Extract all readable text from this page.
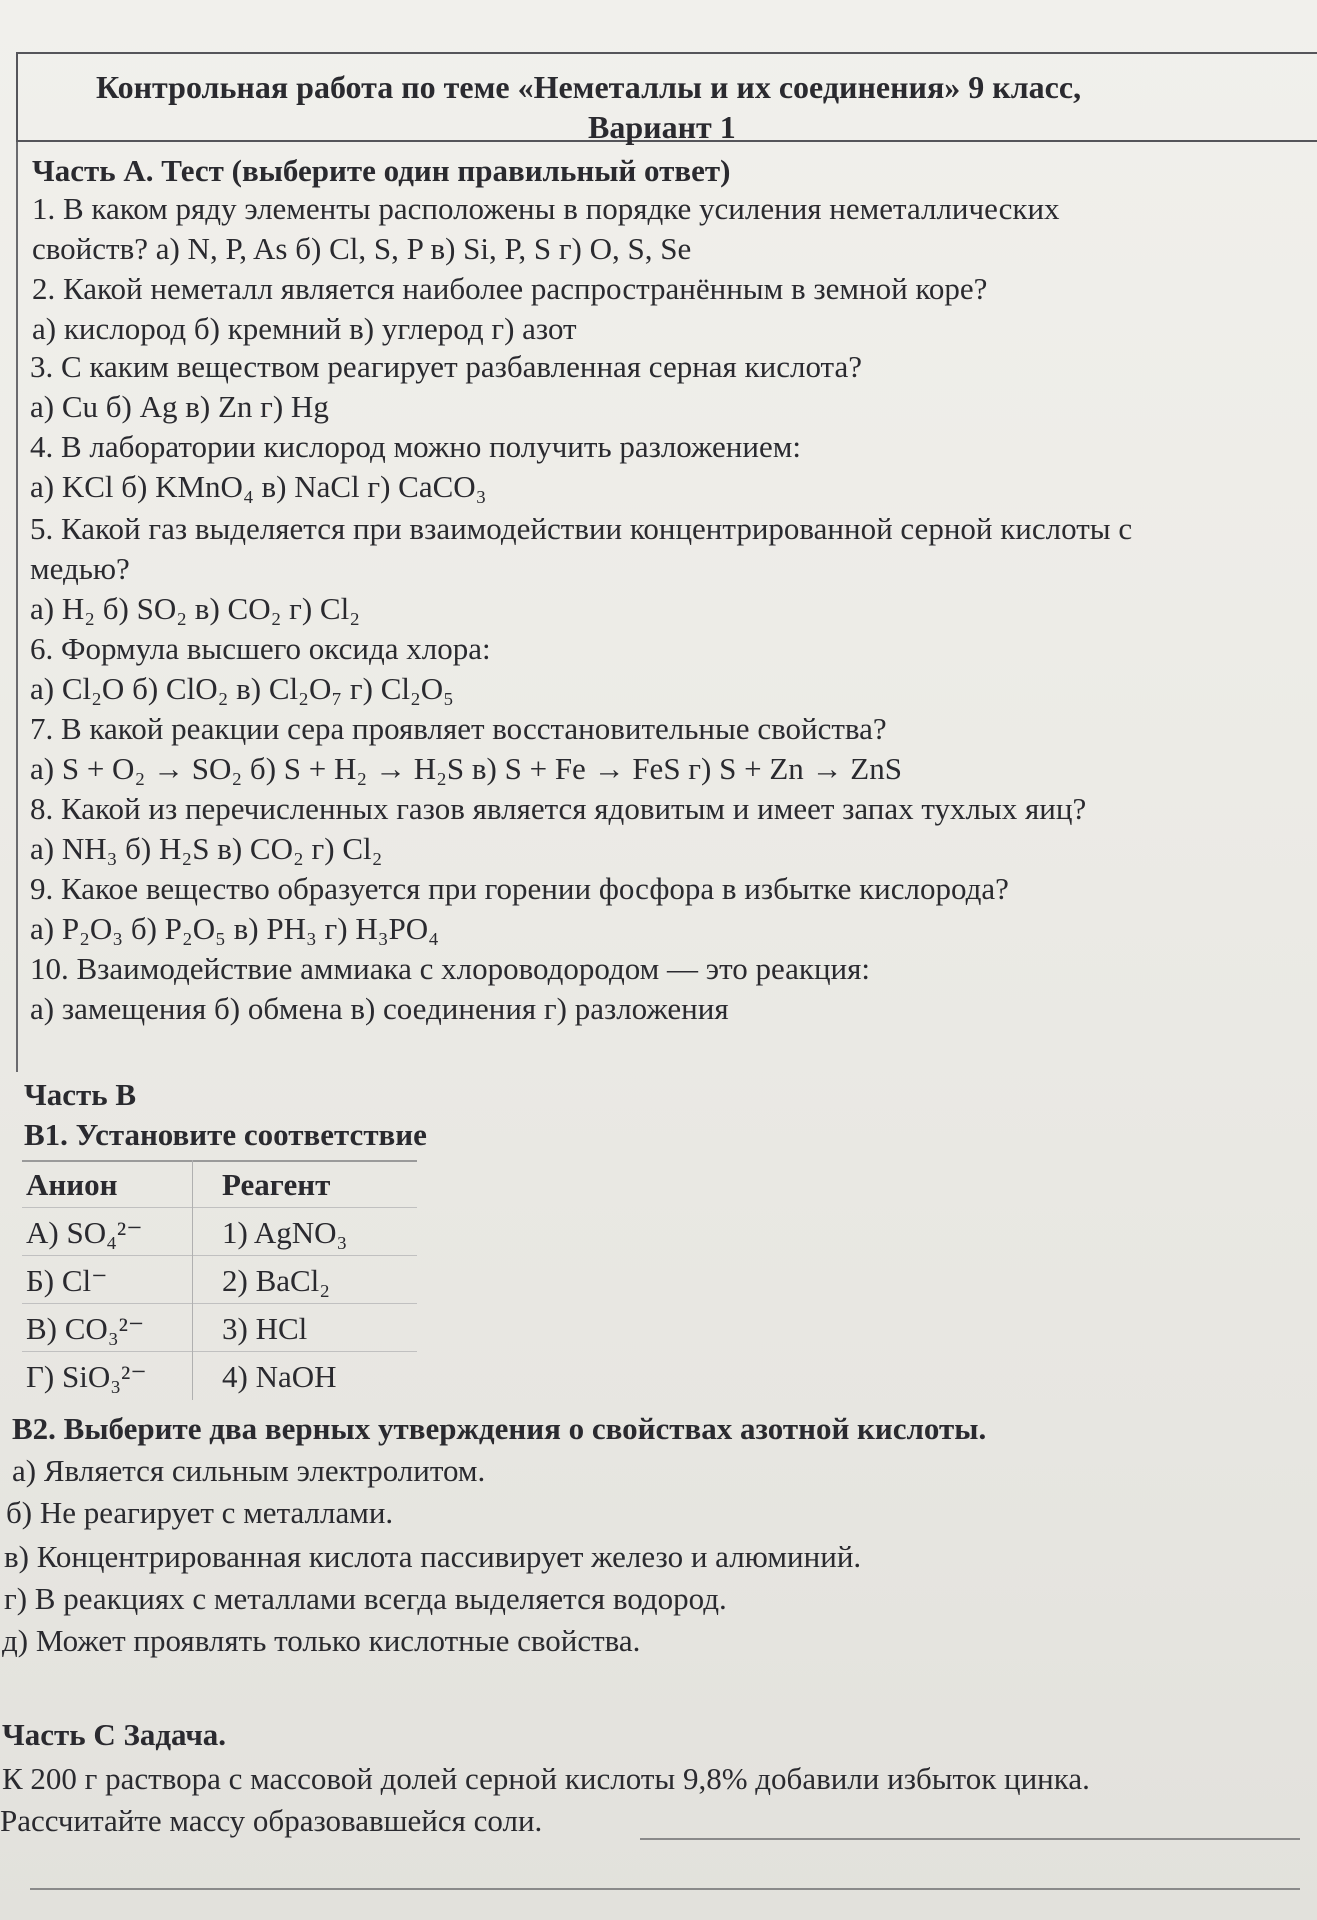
Контрольная работа по теме «Неметаллы и их соединения» 9 класс,
Вариант 1
Часть А. Тест (выберите один правильный ответ)
1. В каком ряду элементы расположены в порядке усиления неметаллических
свойств? а) N, P, As б) Cl, S, P в) Si, P, S г) O, S, Se
2. Какой неметалл является наиболее распространённым в земной коре?
а) кислород б) кремний в) углерод г) азот
3. С каким веществом реагирует разбавленная серная кислота?
а) Cu б) Ag в) Zn г) Hg
4. В лаборатории кислород можно получить разложением:
а) KCl б) KMnO₄ в) NaCl г) CaCO₃
5. Какой газ выделяется при взаимодействии концентрированной серной кислоты с
медью?
а) H₂ б) SO₂ в) CO₂ г) Cl₂
6. Формула высшего оксида хлора:
а) Cl₂O б) ClO₂ в) Cl₂O₇ г) Cl₂O₅
7. В какой реакции сера проявляет восстановительные свойства?
а) S + O₂ → SO₂ б) S + H₂ → H₂S в) S + Fe → FeS г) S + Zn → ZnS
8. Какой из перечисленных газов является ядовитым и имеет запах тухлых яиц?
а) NH₃ б) H₂S в) CO₂ г) Cl₂
9. Какое вещество образуется при горении фосфора в избытке кислорода?
а) P₂O₃ б) P₂O₅ в) PH₃ г) H₃PO₄
10. Взаимодействие аммиака с хлороводородом — это реакция:
а) замещения б) обмена в) соединения г) разложения
Часть В
В1. Установите соответствие
Анион	Реагент
А) SO₄²⁻	1) AgNO₃
Б) Cl⁻	2) BaCl₂
В) CO₃²⁻	3) HCl
Г) SiO₃²⁻ 4) NaOH
В2. Выберите два верных утверждения о свойствах азотной кислоты.
а) Является сильным электролитом.
б) Не реагирует с металлами.
в) Концентрированная кислота пассивирует железо и алюминий.
г) В реакциях с металлами всегда выделяется водород.
д) Может проявлять только кислотные свойства.
Часть С Задача.
К 200 г раствора с массовой долей серной кислоты 9,8% добавили избыток цинка.
Рассчитайте массу образовавшейся соли.
